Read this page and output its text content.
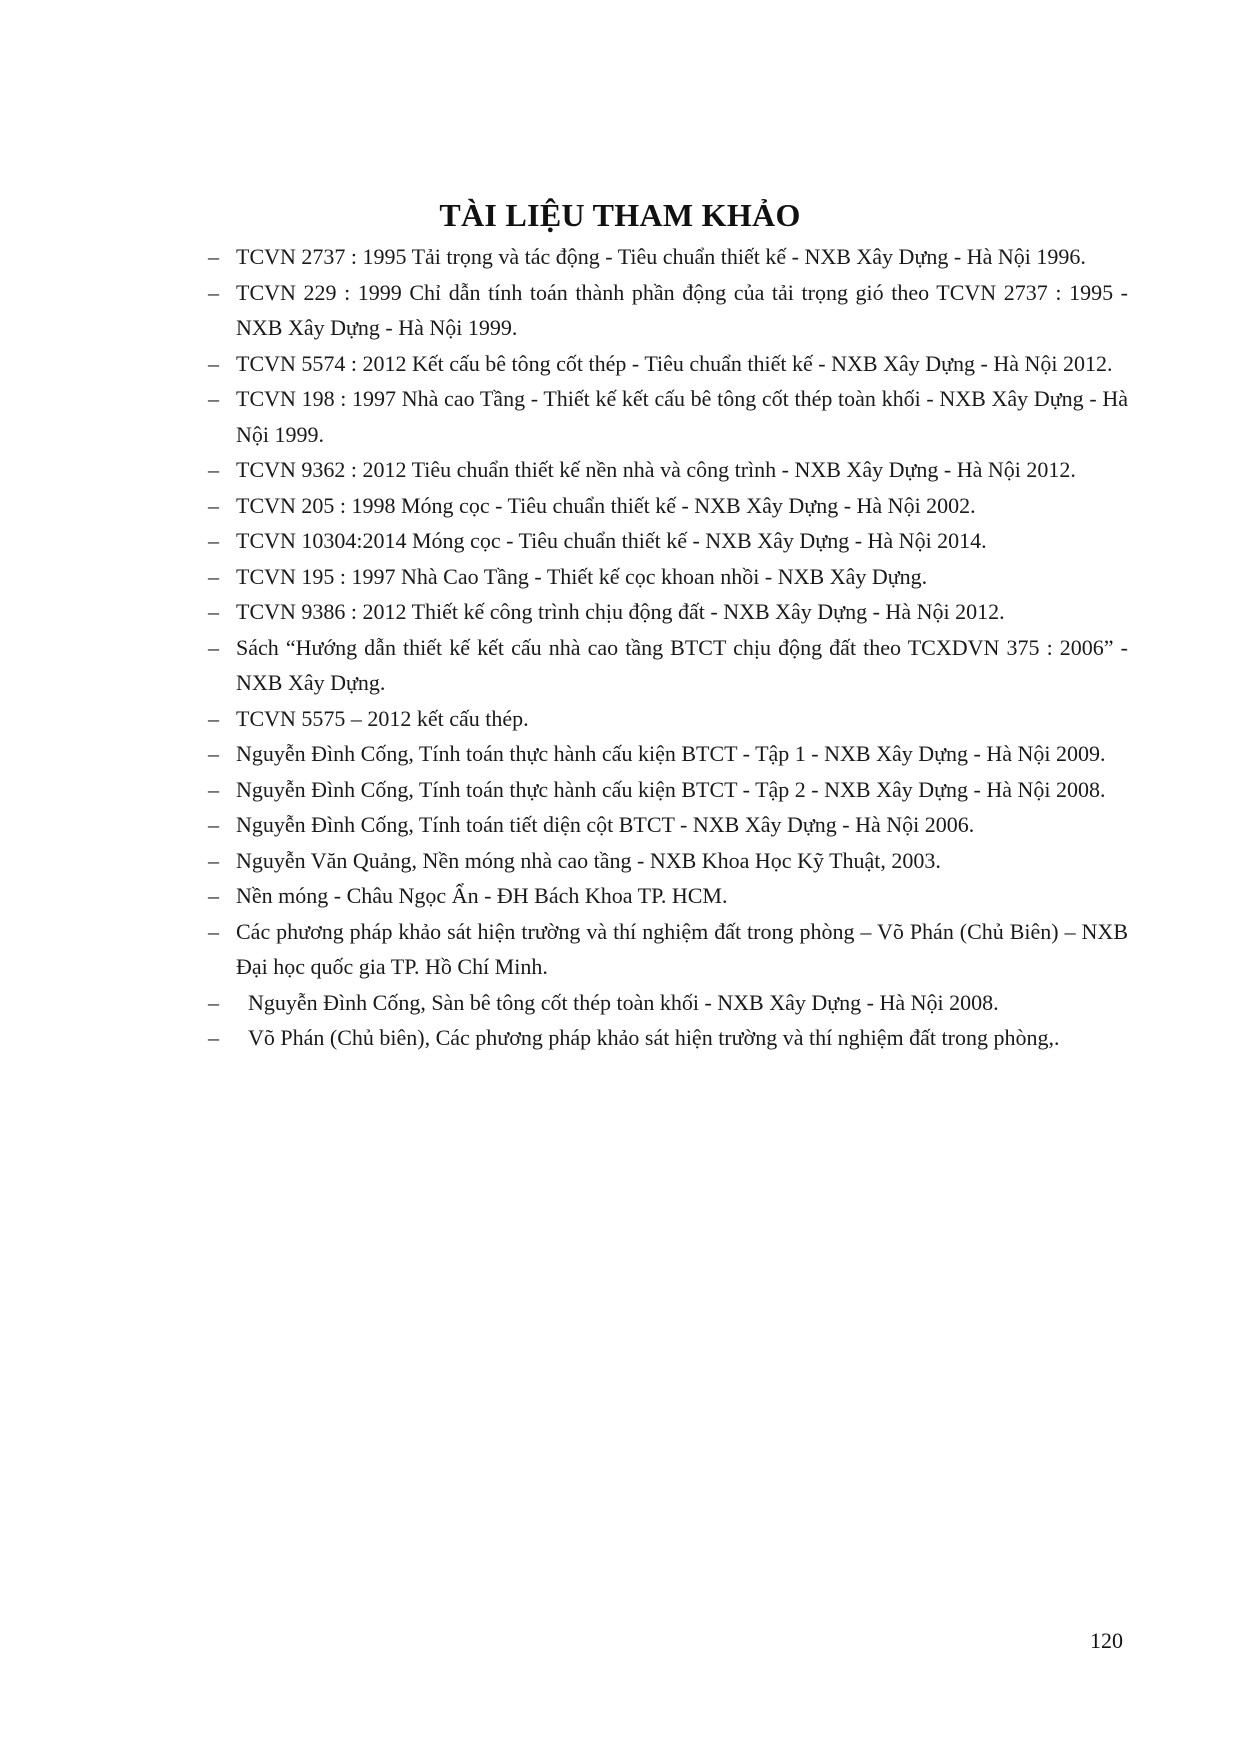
TÀI LIỆU THAM KHẢO
– TCVN 2737 : 1995 Tải trọng và tác động - Tiêu chuẩn thiết kế - NXB Xây Dựng - Hà Nội 1996.
– TCVN 229 : 1999 Chỉ dẫn tính toán thành phần động của tải trọng gió theo TCVN 2737 : 1995 - NXB Xây Dựng - Hà Nội 1999.
– TCVN 5574 : 2012 Kết cấu bê tông cốt thép - Tiêu chuẩn thiết kế - NXB Xây Dựng - Hà Nội 2012.
– TCVN 198 : 1997 Nhà cao Tầng - Thiết kế kết cấu bê tông cốt thép toàn khối - NXB Xây Dựng - Hà Nội 1999.
– TCVN 9362 : 2012 Tiêu chuẩn thiết kế nền nhà và công trình - NXB Xây Dựng - Hà Nội 2012.
– TCVN 205 : 1998 Móng cọc - Tiêu chuẩn thiết kế - NXB Xây Dựng - Hà Nội 2002.
– TCVN 10304:2014 Móng cọc - Tiêu chuẩn thiết kế - NXB Xây Dựng - Hà Nội 2014.
– TCVN 195 : 1997 Nhà Cao Tầng - Thiết kế cọc khoan nhồi - NXB Xây Dựng.
– TCVN 9386 : 2012 Thiết kế công trình chịu động đất - NXB Xây Dựng - Hà Nội 2012.
– Sách “Hướng dẫn thiết kế kết cấu nhà cao tầng BTCT chịu động đất theo TCXDVN 375 : 2006” - NXB Xây Dựng.
– TCVN 5575 – 2012 kết cấu thép.
– Nguyễn Đình Cống, Tính toán thực hành cấu kiện BTCT - Tập 1 - NXB Xây Dựng - Hà Nội 2009.
– Nguyễn Đình Cống, Tính toán thực hành cấu kiện BTCT - Tập 2 - NXB Xây Dựng - Hà Nội 2008.
– Nguyễn Đình Cống, Tính toán tiết diện cột BTCT - NXB Xây Dựng - Hà Nội 2006.
– Nguyễn Văn Quảng, Nền móng nhà cao tầng - NXB Khoa Học Kỹ Thuật, 2003.
– Nền móng - Châu Ngọc Ẩn - ĐH Bách Khoa TP. HCM.
– Các phương pháp khảo sát hiện trường và thí nghiệm đất trong phòng – Võ Phán (Chủ Biên) – NXB Đại học quốc gia TP. Hồ Chí Minh.
–	Nguyễn Đình Cống, Sàn bê tông cốt thép toàn khối - NXB Xây Dựng - Hà Nội 2008.
–	Võ Phán (Chủ biên), Các phương pháp khảo sát hiện trường và thí nghiệm đất trong phòng,.
120
